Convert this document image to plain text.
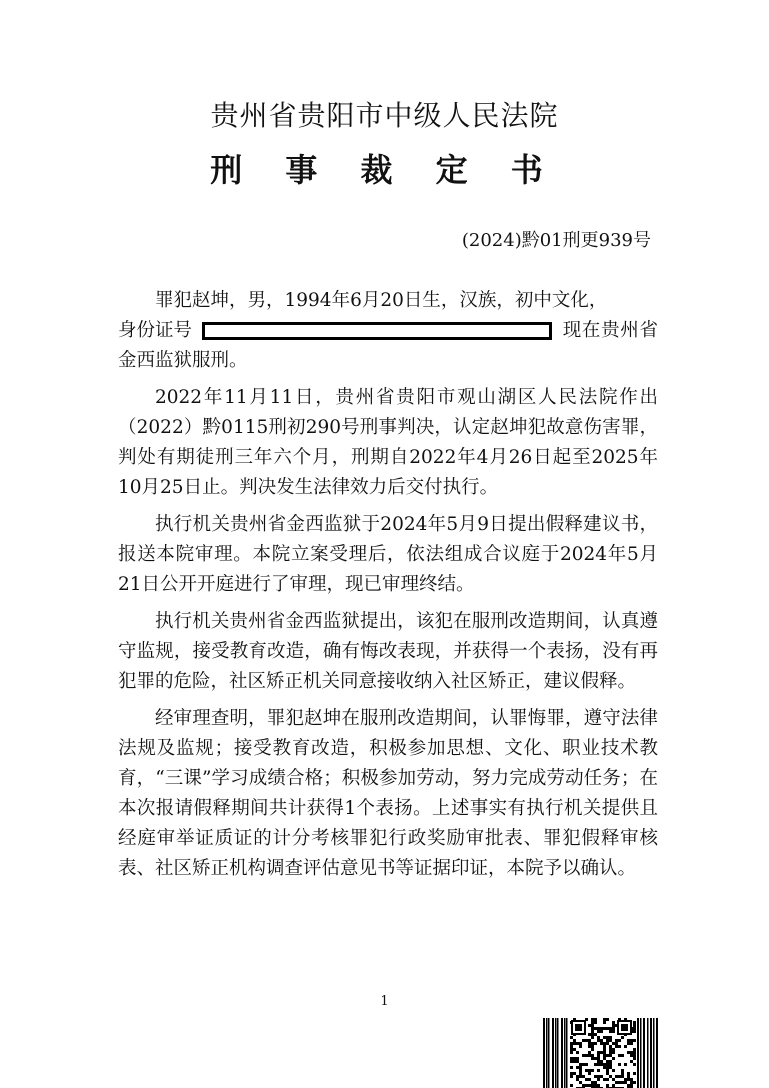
贵州省贵阳市中级人民法院
刑 事 裁 定 书
(2024)黔01刑更939号

罪犯赵坤，男，1994年6月20日生，汉族，初中文化，

身份证号	现在贵州省金西监狱服刑。

2022年11月11日，贵州省贵阳市观山湖区人民法院作出（2022）黔0115刑初290号刑事判决，认定赵坤犯故意伤害罪，判处有期徒刑三年六个月，刑期自2022年4月26日起至2025年10月25日止。判决发生法律效力后交付执行。

执行机关贵州省金西监狱于2024年5月9日提出假释建议书，报送本院审理。本院立案受理后，依法组成合议庭于2024年5月21日公开开庭进行了审理，现已审理终结。

执行机关贵州省金西监狱提出，该犯在服刑改造期间，认真遵守监规，接受教育改造，确有悔改表现，并获得一个表扬，没有再犯罪的危险，社区矫正机关同意接收纳入社区矫正，建议假释。

经审理查明，罪犯赵坤在服刑改造期间，认罪悔罪，遵守法律法规及监规；接受教育改造，积极参加思想、文化、职业技术教育，“三课”学习成绩合格；积极参加劳动，努力完成劳动任务；在本次报请假释期间共计获得1个表扬。上述事实有执行机关提供且经庭审举证质证的计分考核罪犯行政奖励审批表、罪犯假释审核表、社区矫正机构调查评估意见书等证据印证，本院予以确认。

1
